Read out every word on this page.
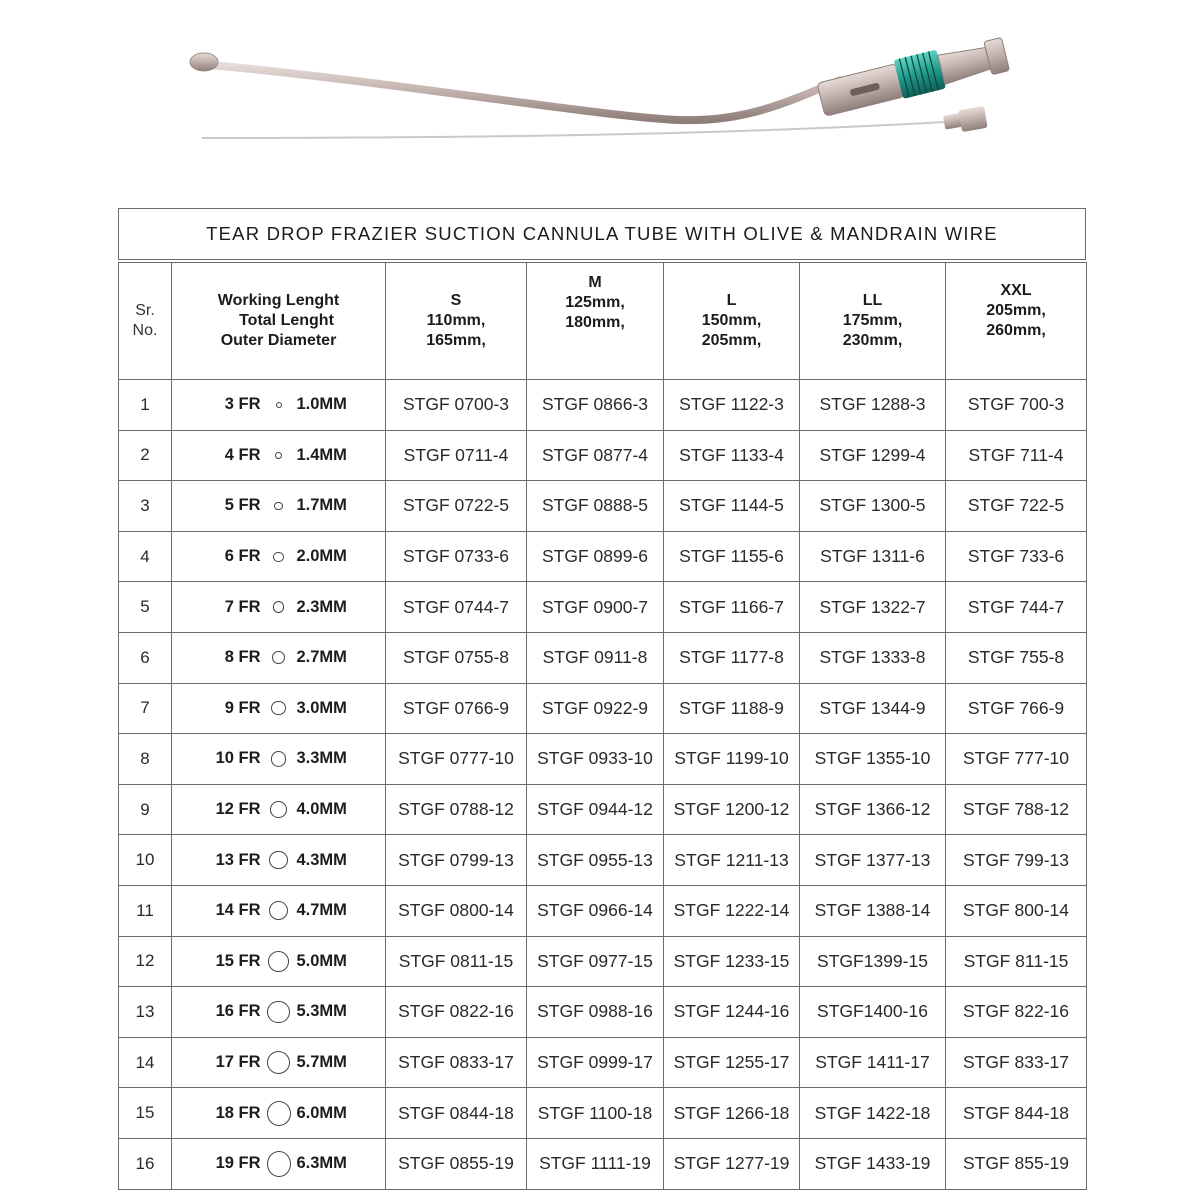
TEAR DROP FRAZIER SUCTION CANNULA TUBE WITH OLIVE & MANDRAIN WIRE
Sr.
No.	Working Lenght
Total Lenght
Outer Diameter	S
110mm,
165mm,	M
125mm,
180mm,	L
150mm,
205mm,	LL
175mm,
230mm,	XXL
205mm,
260mm,

1	3 FR 1.0MM	STGF 0700-3	STGF 0866-3	STGF 1122-3	STGF 1288-3	STGF 700-3
2	4 FR 1.4MM	STGF 0711-4	STGF 0877-4	STGF 1133-4	STGF 1299-4	STGF 711-4
3	5 FR 1.7MM	STGF 0722-5	STGF 0888-5	STGF 1144-5	STGF 1300-5	STGF 722-5
4	6 FR 2.0MM	STGF 0733-6	STGF 0899-6	STGF 1155-6	STGF 1311-6	STGF 733-6
5	7 FR 2.3MM	STGF 0744-7	STGF 0900-7	STGF 1166-7	STGF 1322-7	STGF 744-7
6	8 FR 2.7MM	STGF 0755-8	STGF 0911-8	STGF 1177-8	STGF 1333-8	STGF 755-8
7	9 FR 3.0MM	STGF 0766-9	STGF 0922-9	STGF 1188-9	STGF 1344-9	STGF 766-9
8	10 FR 3.3MM	STGF 0777-10	STGF 0933-10	STGF 1199-10	STGF 1355-10	STGF 777-10
9	12 FR 4.0MM	STGF 0788-12	STGF 0944-12	STGF 1200-12	STGF 1366-12	STGF 788-12
10	13 FR 4.3MM	STGF 0799-13	STGF 0955-13	STGF 1211-13	STGF 1377-13	STGF 799-13
11	14 FR 4.7MM	STGF 0800-14	STGF 0966-14	STGF 1222-14	STGF 1388-14	STGF 800-14
12	15 FR 5.0MM	STGF 0811-15	STGF 0977-15	STGF 1233-15	STGF1399-15	STGF 811-15
13	16 FR 5.3MM	STGF 0822-16	STGF 0988-16	STGF 1244-16	STGF1400-16	STGF 822-16
14	17 FR 5.7MM	STGF 0833-17	STGF 0999-17	STGF 1255-17	STGF 1411-17	STGF 833-17
15	18 FR 6.0MM	STGF 0844-18	STGF 1100-18	STGF 1266-18	STGF 1422-18	STGF 844-18
16	19 FR 6.3MM	STGF 0855-19	STGF 1111-19	STGF 1277-19	STGF 1433-19	STGF 855-19
